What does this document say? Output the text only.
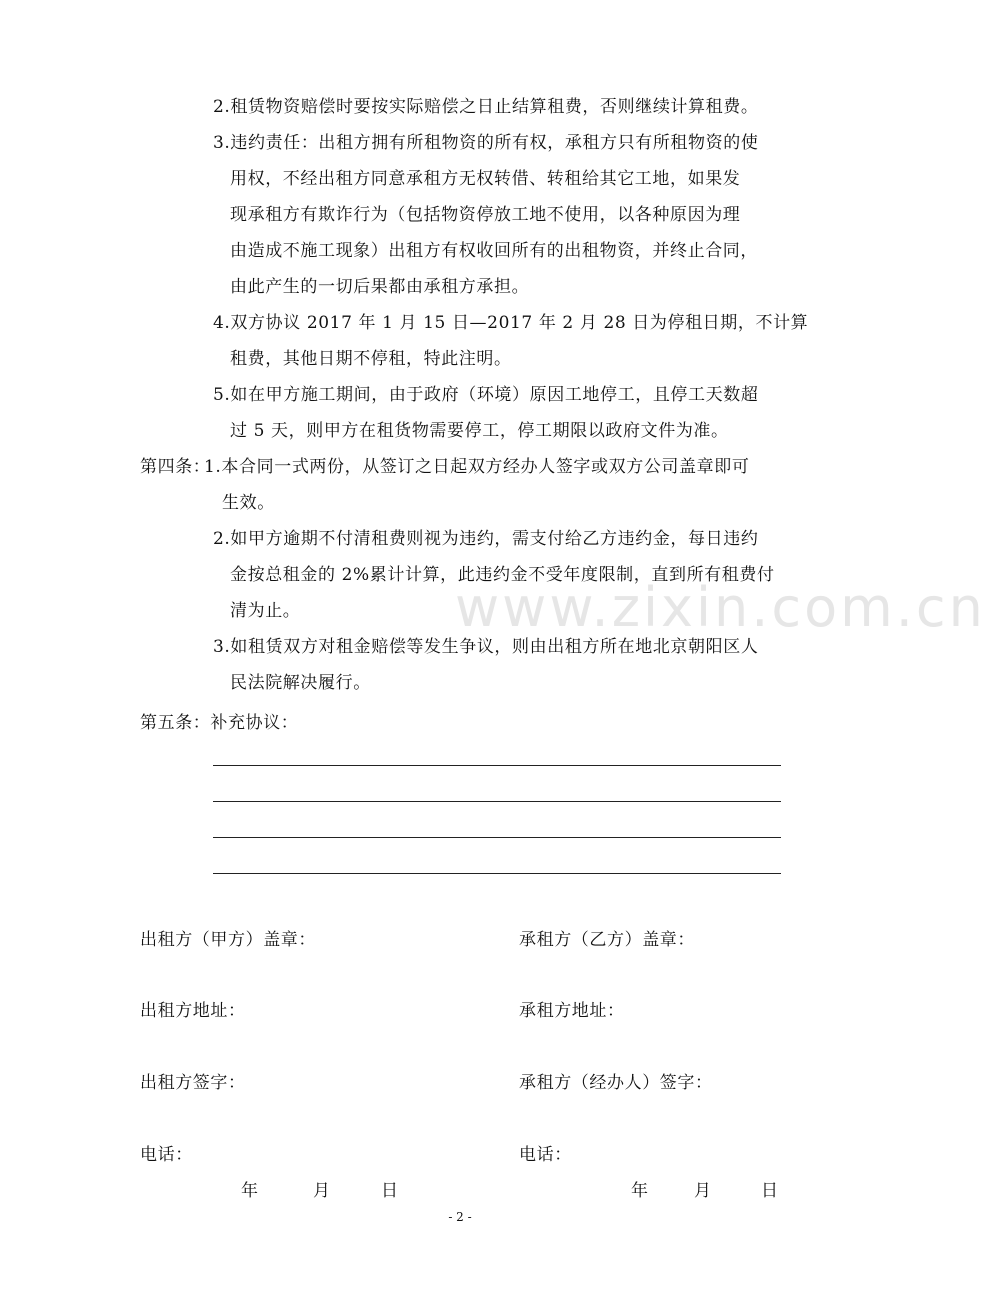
www.zixin.com.cn
2.租赁物资赔偿时要按实际赔偿之日止结算租费，否则继续计算租费。
3.违约责任：出租方拥有所租物资的所有权，承租方只有所租物资的使
用权，不经出租方同意承租方无权转借、转租给其它工地，如果发
现承租方有欺诈行为（包括物资停放工地不使用，以各种原因为理
由造成不施工现象）出租方有权收回所有的出租物资，并终止合同，
由此产生的一切后果都由承租方承担。
4.双方协议 2017 年 1 月 15 日—2017 年 2 月 28 日为停租日期，不计算
租费，其他日期不停租，特此注明。
5.如在甲方施工期间，由于政府（环境）原因工地停工，且停工天数超
过 5 天，则甲方在租货物需要停工，停工期限以政府文件为准。
第四条：
1.本合同一式两份，从签订之日起双方经办人签字或双方公司盖章即可
生效。
2.如甲方逾期不付清租费则视为违约，需支付给乙方违约金，每日违约
金按总租金的 2%累计计算，此违约金不受年度限制，直到所有租费付
清为止。
3.如租赁双方对租金赔偿等发生争议，则由出租方所在地北京朝阳区人
民法院解决履行。
第五条：补充协议：
出租方（甲方）盖章：	承租方（乙方）盖章：
出租方地址：	承租方地址：
出租方签字：	承租方（经办人）签字：
电话：	电话：
年	月	日	年	月	日
- 2 -
